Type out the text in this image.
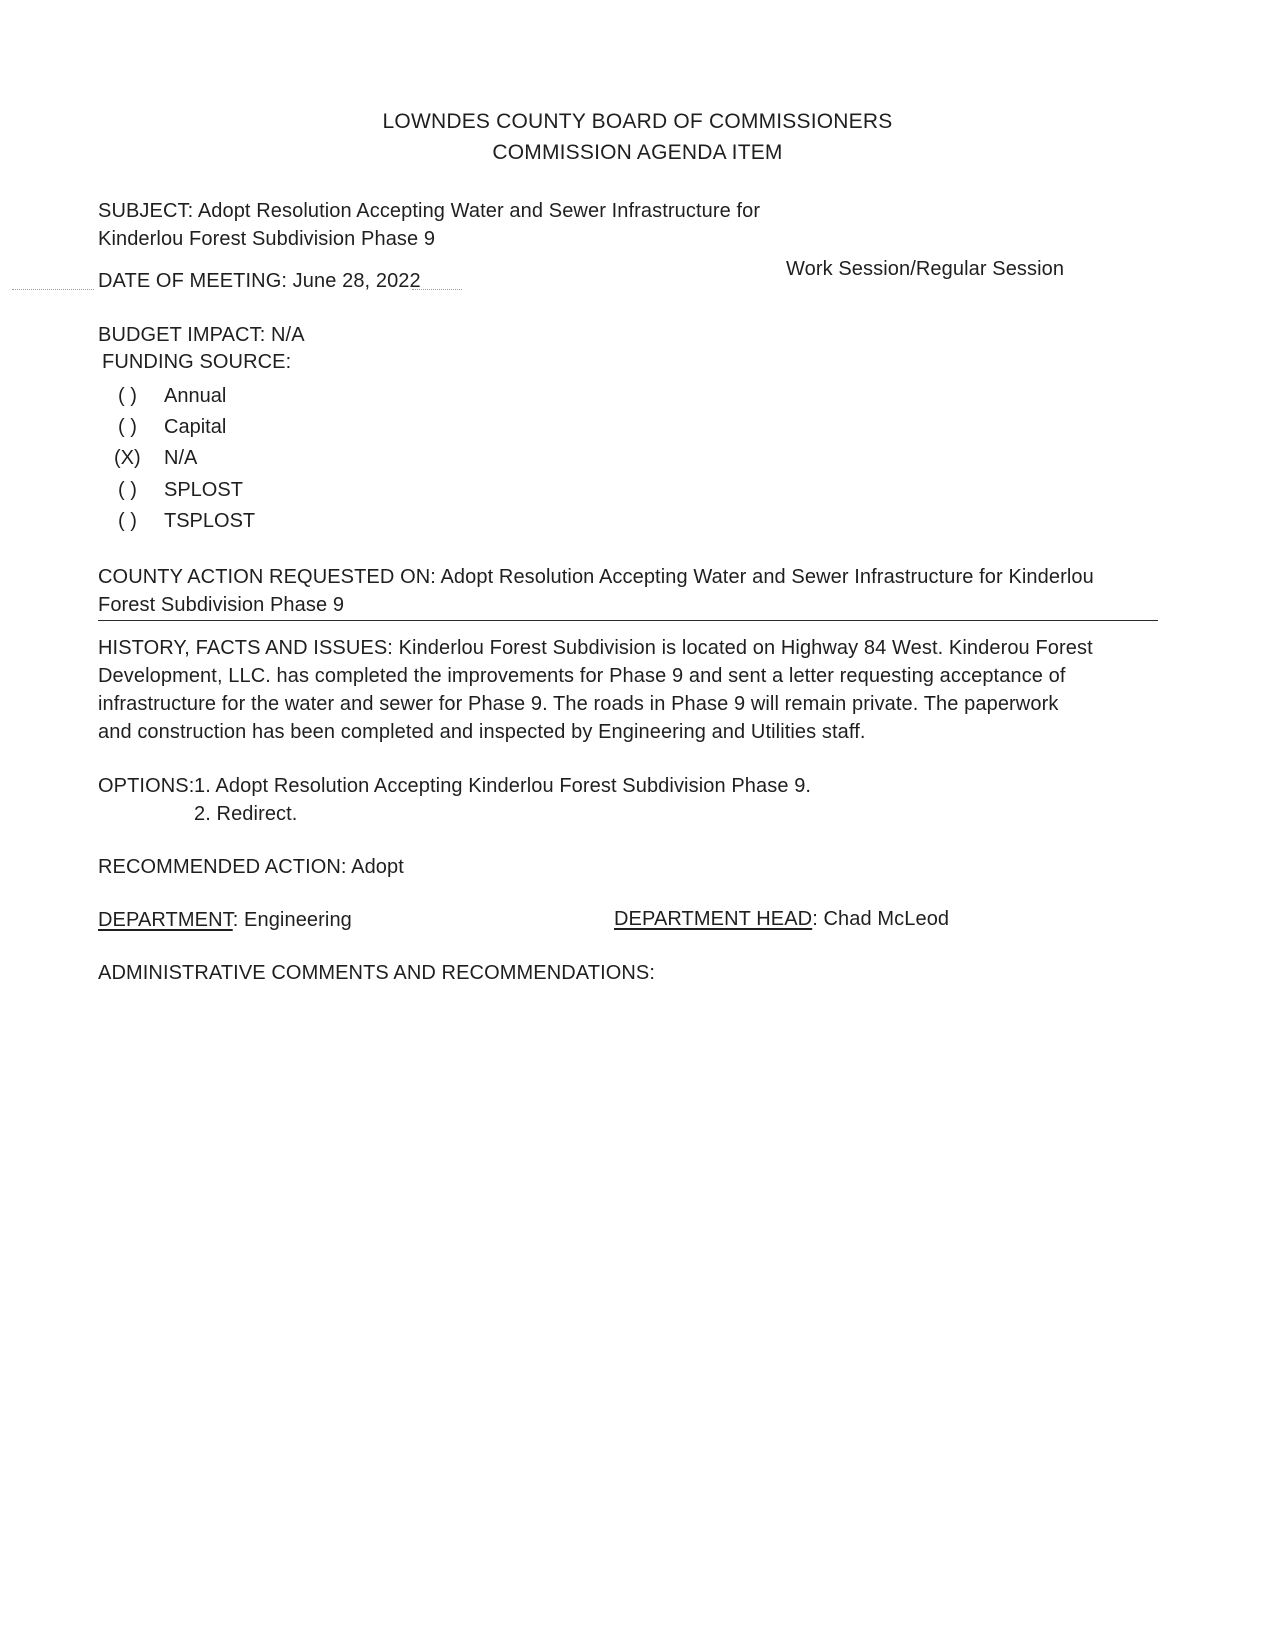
LOWNDES COUNTY BOARD OF COMMISSIONERS
COMMISSION AGENDA ITEM
SUBJECT: Adopt Resolution Accepting Water and Sewer Infrastructure for
Kinderlou Forest Subdivision Phase 9
DATE OF MEETING: June 28, 2022
Work Session/Regular Session
BUDGET IMPACT: N/A
FUNDING SOURCE:
( ) Annual
( ) Capital
(X) N/A
( ) SPLOST
( ) TSPLOST
COUNTY ACTION REQUESTED ON: Adopt Resolution Accepting Water and Sewer Infrastructure for Kinderlou
Forest Subdivision Phase 9
HISTORY, FACTS AND ISSUES: Kinderlou Forest Subdivision is located on Highway 84 West. Kinderou Forest
Development, LLC. has completed the improvements for Phase 9 and sent a letter requesting acceptance of
infrastructure for the water and sewer for Phase 9. The roads in Phase 9 will remain private. The paperwork
and construction has been completed and inspected by Engineering and Utilities staff.
OPTIONS: 1. Adopt Resolution Accepting Kinderlou Forest Subdivision Phase 9.
2. Redirect.
RECOMMENDED ACTION: Adopt
DEPARTMENT: Engineering	DEPARTMENT HEAD: Chad McLeod
ADMINISTRATIVE COMMENTS AND RECOMMENDATIONS:
